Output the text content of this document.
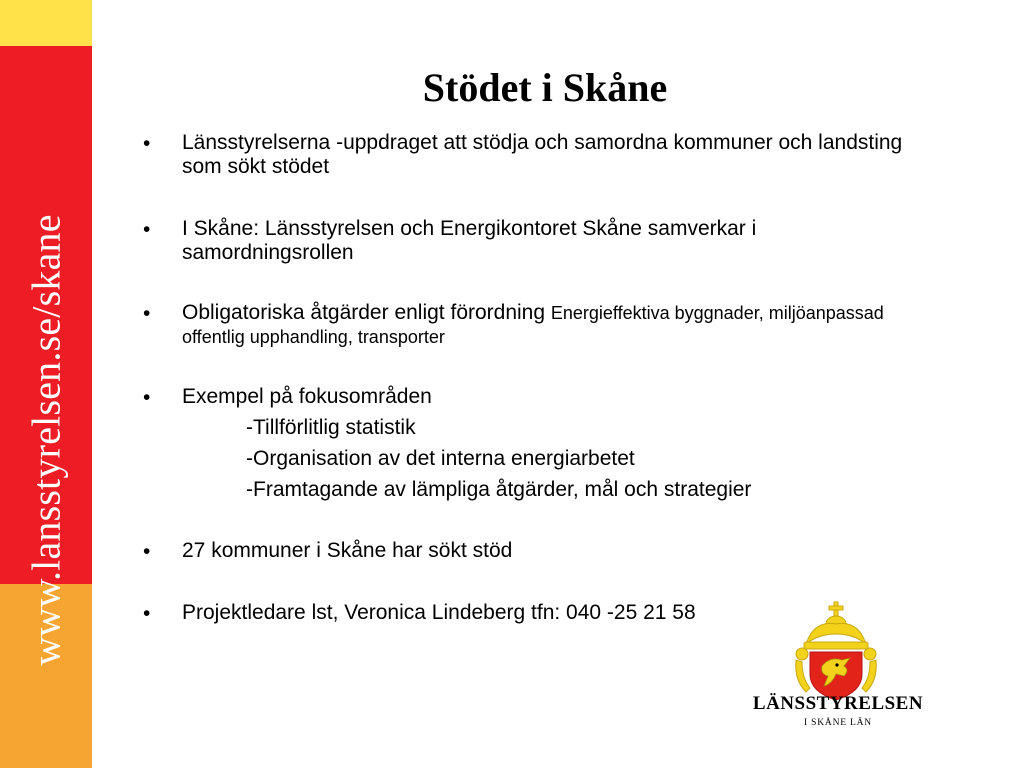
www.lansstyrelsen.se/skane
Stödet i Skåne
• Länsstyrelserna -uppdraget att stödja och samordna kommuner och landsting som sökt stödet
• I Skåne: Länsstyrelsen och Energikontoret Skåne samverkar i samordningsrollen
• Obligatoriska åtgärder enligt förordning Energieffektiva byggnader, miljöanpassad offentlig upphandling, transporter
• Exempel på fokusområden
-Tillförlitlig statistik
-Organisation av det interna energiarbetet
-Framtagande av lämpliga åtgärder, mål och strategier
• 27 kommuner i Skåne har sökt stöd
• Projektledare lst, Veronica Lindeberg tfn: 040 -25 21 58
LÄNSSTYRELSEN
I SKÅNE LÄN
